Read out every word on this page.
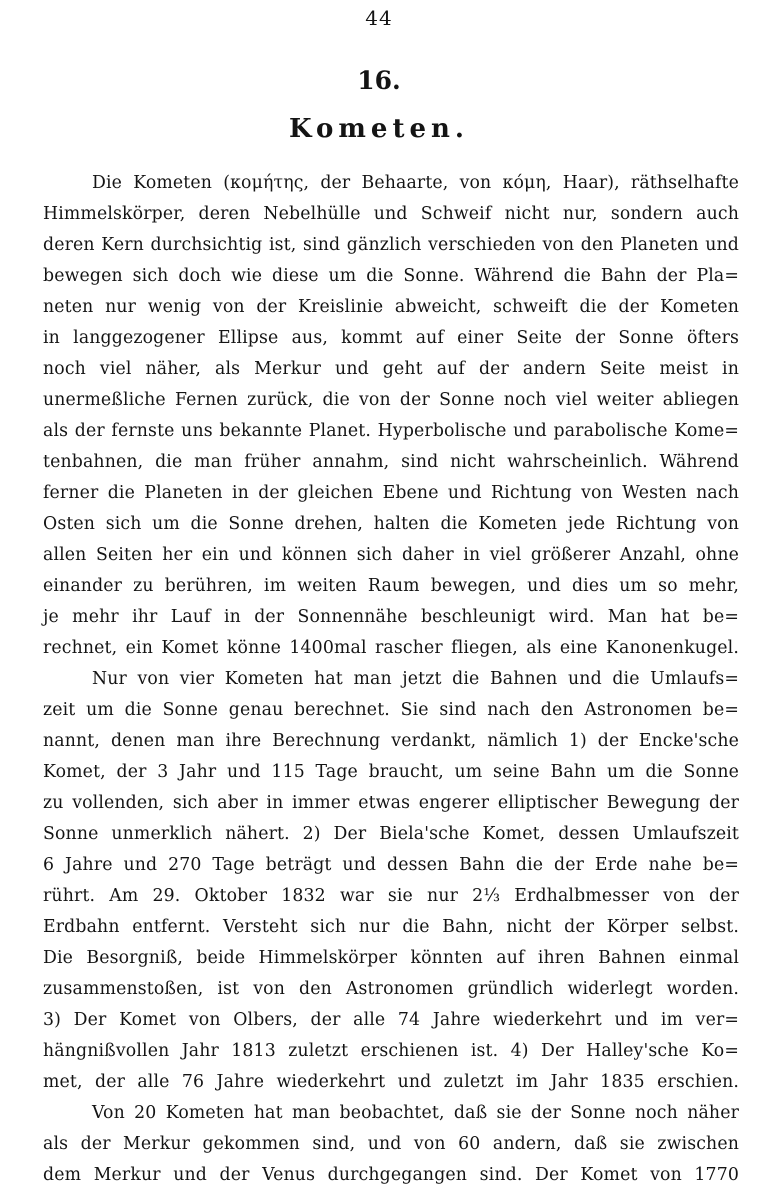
44
16.
Kometen.
Die Kometen (κομήτης, der Behaarte, von κόμη, Haar), räthselhafte
Himmelskörper, deren Nebelhülle und Schweif nicht nur, sondern auch
deren Kern durchsichtig ist, sind gänzlich verschieden von den Planeten und
bewegen sich doch wie diese um die Sonne. Während die Bahn der Pla=
neten nur wenig von der Kreislinie abweicht, schweift die der Kometen
in langgezogener Ellipse aus, kommt auf einer Seite der Sonne öfters
noch viel näher, als Merkur und geht auf der andern Seite meist in
unermeßliche Fernen zurück, die von der Sonne noch viel weiter abliegen
als der fernste uns bekannte Planet. Hyperbolische und parabolische Kome=
tenbahnen, die man früher annahm, sind nicht wahrscheinlich. Während
ferner die Planeten in der gleichen Ebene und Richtung von Westen nach
Osten sich um die Sonne drehen, halten die Kometen jede Richtung von
allen Seiten her ein und können sich daher in viel größerer Anzahl, ohne
einander zu berühren, im weiten Raum bewegen, und dies um so mehr,
je mehr ihr Lauf in der Sonnennähe beschleunigt wird. Man hat be=
rechnet, ein Komet könne 1400mal rascher fliegen, als eine Kanonenkugel.
Nur von vier Kometen hat man jetzt die Bahnen und die Umlaufs=
zeit um die Sonne genau berechnet. Sie sind nach den Astronomen be=
nannt, denen man ihre Berechnung verdankt, nämlich 1) der Encke'sche
Komet, der 3 Jahr und 115 Tage braucht, um seine Bahn um die Sonne
zu vollenden, sich aber in immer etwas engerer elliptischer Bewegung der
Sonne unmerklich nähert. 2) Der Biela'sche Komet, dessen Umlaufszeit
6 Jahre und 270 Tage beträgt und dessen Bahn die der Erde nahe be=
rührt. Am 29. Oktober 1832 war sie nur 2⅓ Erdhalbmesser von der
Erdbahn entfernt. Versteht sich nur die Bahn, nicht der Körper selbst.
Die Besorgniß, beide Himmelskörper könnten auf ihren Bahnen einmal
zusammenstoßen, ist von den Astronomen gründlich widerlegt worden.
3) Der Komet von Olbers, der alle 74 Jahre wiederkehrt und im ver=
hängnißvollen Jahr 1813 zuletzt erschienen ist. 4) Der Halley'sche Ko=
met, der alle 76 Jahre wiederkehrt und zuletzt im Jahr 1835 erschien.
Von 20 Kometen hat man beobachtet, daß sie der Sonne noch näher
als der Merkur gekommen sind, und von 60 andern, daß sie zwischen
dem Merkur und der Venus durchgegangen sind. Der Komet von 1770
